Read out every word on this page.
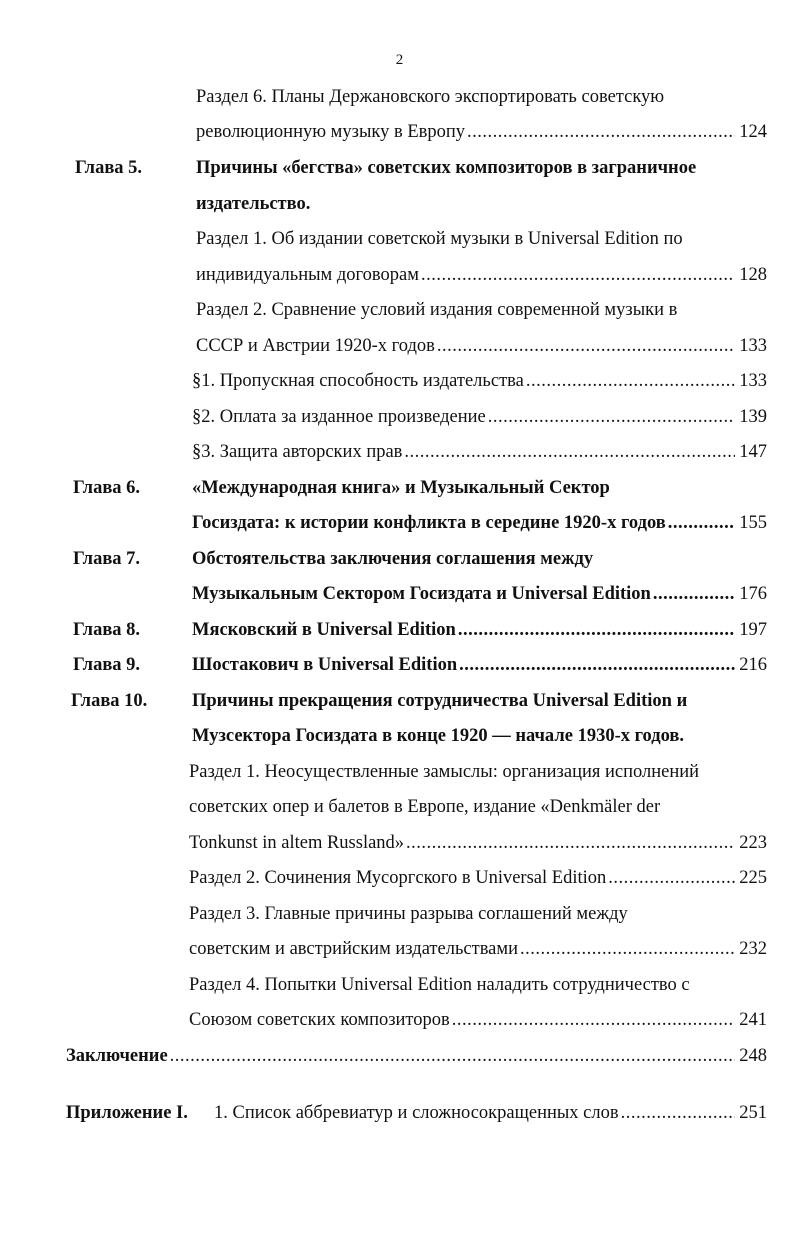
2
Раздел 6. Планы Держановского экспортировать советскую
революционную музыку в Европу .....	124
Глава 5.	Причины «бегства» советских композиторов в заграничное
издательство.
Раздел 1. Об издании советской музыки в Universal Edition по
индивидуальным договорам .....	128
Раздел 2. Сравнение условий издания современной музыки в
СССР и Австрии 1920-х годов .....	133
§1. Пропускная способность издательства .....	133
§2. Оплата за изданное произведение .....	139
§3. Защита авторских прав .....	147
Глава 6.	«Международная книга» и Музыкальный Сектор
Госиздата: к истории конфликта в середине 1920-х годов .....	155
Глава 7.	Обстоятельства заключения соглашения между
Музыкальным Сектором Госиздата и Universal Edition .....	176
Глава 8.	Мясковский в Universal Edition .....	197
Глава 9.	Шостакович в Universal Edition .....	216
Глава 10. Причины прекращения сотрудничества Universal Edition и
Музсектора Госиздата в конце 1920 — начале 1930-х годов.
Раздел 1. Неосуществленные замыслы: организация исполнений
советских опер и балетов в Европе, издание «Denkmäler der
Tonkunst in altem Russland» .....	223
Раздел 2. Сочинения Мусоргского в Universal Edition .....	225
Раздел 3. Главные причины разрыва соглашений между
советским и австрийским издательствами .....	232
Раздел 4. Попытки Universal Edition наладить сотрудничество с
Союзом советских композиторов .....	241
Заключение .....	248
Приложение I. 1. Список аббревиатур и сложносокращенных слов .....	251
